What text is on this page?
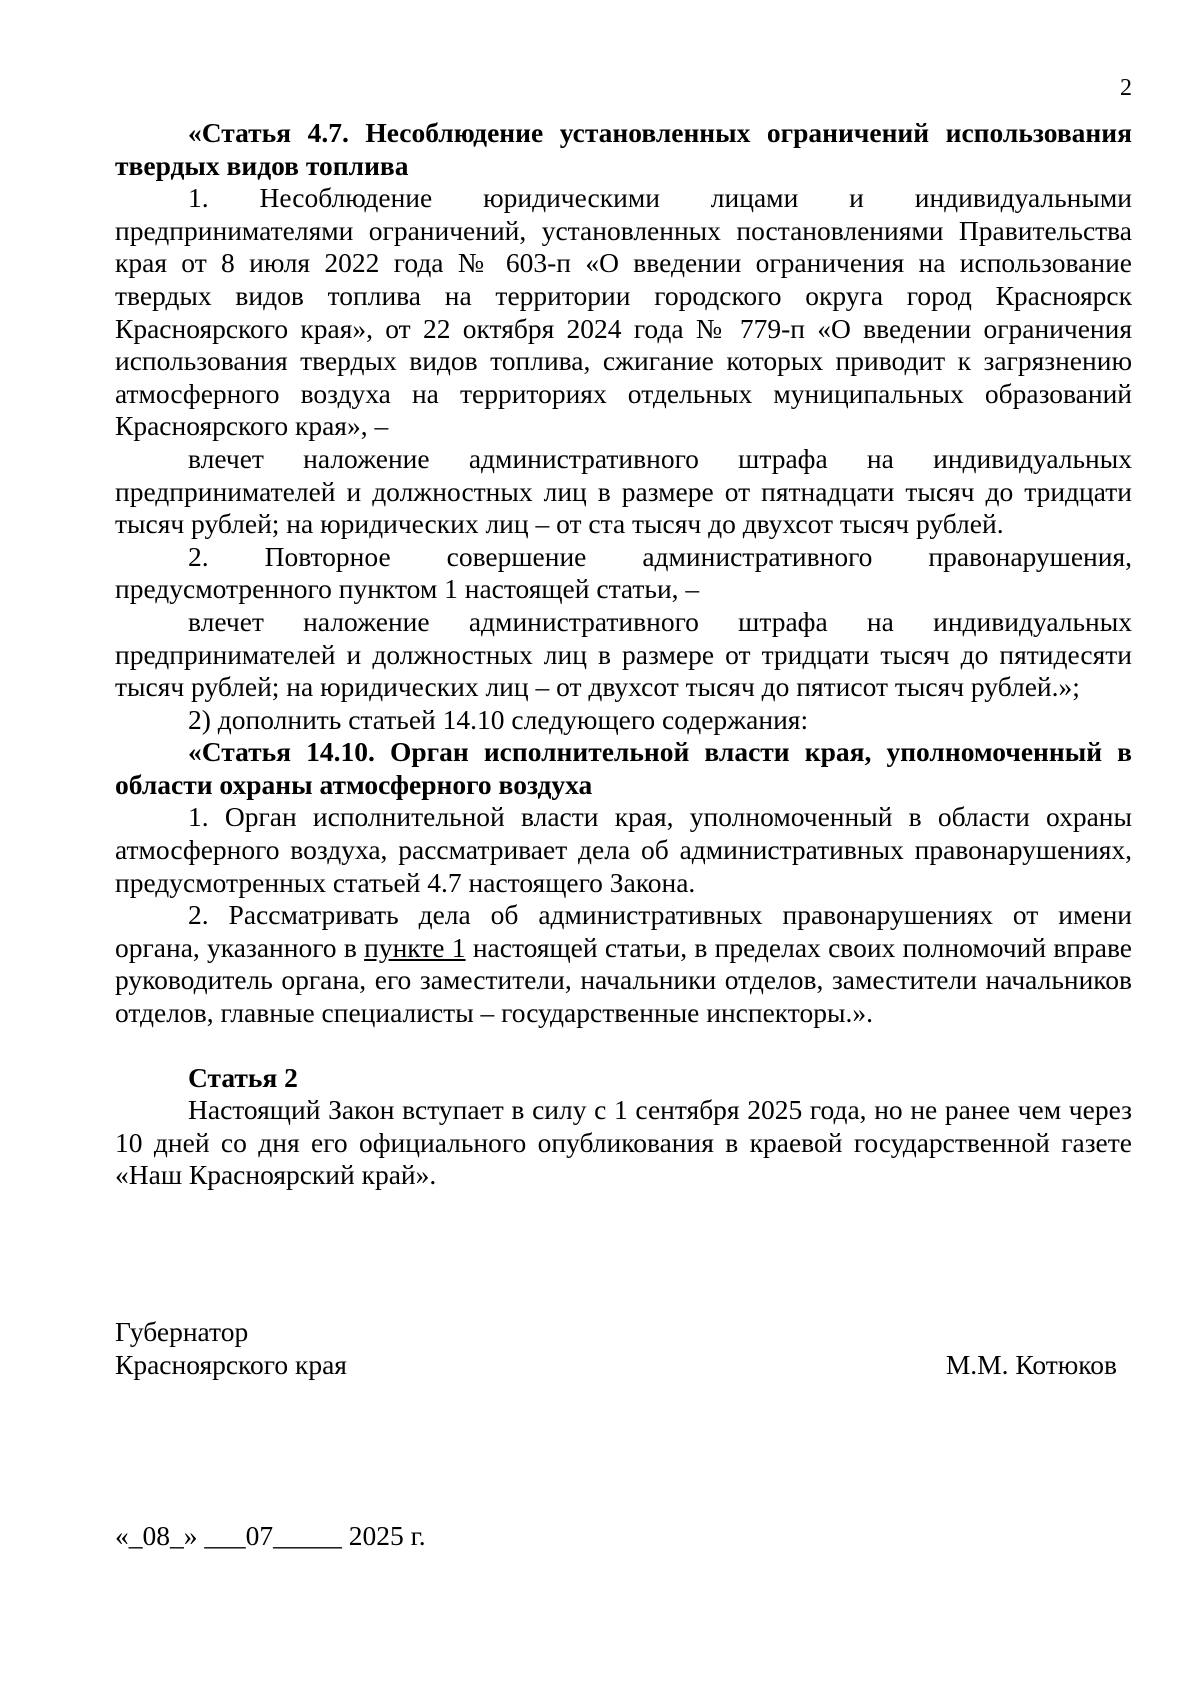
2

«Статья 4.7. Несоблюдение установленных ограничений использования твердых видов топлива

1. Несоблюдение юридическими лицами и индивидуальными предпринимателями ограничений, установленных постановлениями Правительства края от 8 июля 2022 года № 603-п «О введении ограничения на использование твердых видов топлива на территории городского округа город Красноярск Красноярского края», от 22 октября 2024 года № 779-п «О введении ограничения использования твердых видов топлива, сжигание которых приводит к загрязнению атмосферного воздуха на территориях отдельных муниципальных образований Красноярского края», –

влечет наложение административного штрафа на индивидуальных предпринимателей и должностных лиц в размере от пятнадцати тысяч до тридцати тысяч рублей; на юридических лиц – от ста тысяч до двухсот тысяч рублей.

2. Повторное совершение административного правонарушения, предусмотренного пунктом 1 настоящей статьи, –

влечет наложение административного штрафа на индивидуальных предпринимателей и должностных лиц в размере от тридцати тысяч до пятидесяти тысяч рублей; на юридических лиц – от двухсот тысяч до пятисот тысяч рублей.»;

2) дополнить статьей 14.10 следующего содержания:

«Статья 14.10. Орган исполнительной власти края, уполномоченный в области охраны атмосферного воздуха

1. Орган исполнительной власти края, уполномоченный в области охраны атмосферного воздуха, рассматривает дела об административных правонарушениях, предусмотренных статьей 4.7 настоящего Закона.

2. Рассматривать дела об административных правонарушениях от имени органа, указанного в пункте 1 настоящей статьи, в пределах своих полномочий вправе руководитель органа, его заместители, начальники отделов, заместители начальников отделов, главные специалисты – государственные инспекторы.».

Статья 2

Настоящий Закон вступает в силу с 1 сентября 2025 года, но не ранее чем через 10 дней со дня его официального опубликования в краевой государственной газете «Наш Красноярский край».

Губернатор
Красноярского края	М.М. Котюков
«_08_» ___07_____ 2025 г.
